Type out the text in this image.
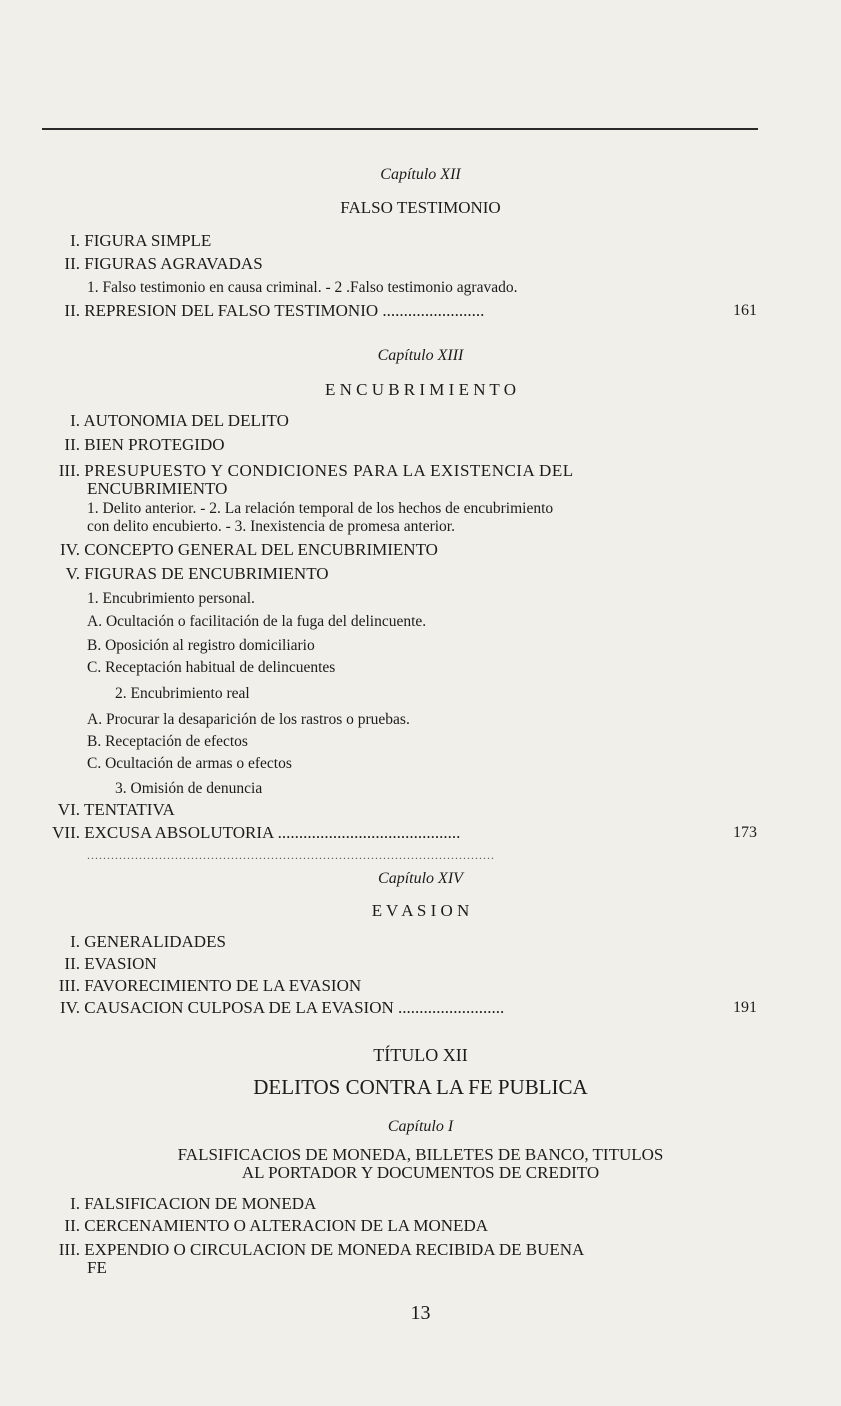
Capítulo XII
FALSO TESTIMONIO
I. FIGURA SIMPLE
II. FIGURAS AGRAVADAS
1. Falso testimonio en causa criminal. - 2 .Falso testimonio agravado.
II. REPRESION DEL FALSO TESTIMONIO ........................	161
Capítulo XIII
E N C U B R I M I E N T O
I. AUTONOMIA DEL DELITO
II. BIEN PROTEGIDO
III. PRESUPUESTO Y CONDICIONES PARA LA EXISTENCIA DEL
ENCUBRIMIENTO
1. Delito anterior. - 2. La relación temporal de los hechos de encubrimiento
con delito encubierto. - 3. Inexistencia de promesa anterior.
IV. CONCEPTO GENERAL DEL ENCUBRIMIENTO
V. FIGURAS DE ENCUBRIMIENTO
1. Encubrimiento personal.
A. Ocultación o facilitación de la fuga del delincuente.
B. Oposición al registro domiciliario
C. Receptación habitual de delincuentes
2. Encubrimiento real
A. Procurar la desaparición de los rastros o pruebas.
B. Receptación de efectos
C. Ocultación de armas o efectos
3. Omisión de denuncia
VI. TENTATIVA
VII. EXCUSA ABSOLUTORIA ...........................................	173
......................................................................................................
Capítulo XIV
E V A S I O N
I. GENERALIDADES
II. EVASION
III. FAVORECIMIENTO DE LA EVASION
IV. CAUSACION CULPOSA DE LA EVASION .........................	191
TÍTULO XII
DELITOS CONTRA LA FE PUBLICA
Capítulo I
FALSIFICACIOS DE MONEDA, BILLETES DE BANCO, TITULOS
AL PORTADOR Y DOCUMENTOS DE CREDITO
I. FALSIFICACION DE MONEDA
II. CERCENAMIENTO O ALTERACION DE LA MONEDA
III. EXPENDIO O CIRCULACION DE MONEDA RECIBIDA DE BUENA
FE
13
